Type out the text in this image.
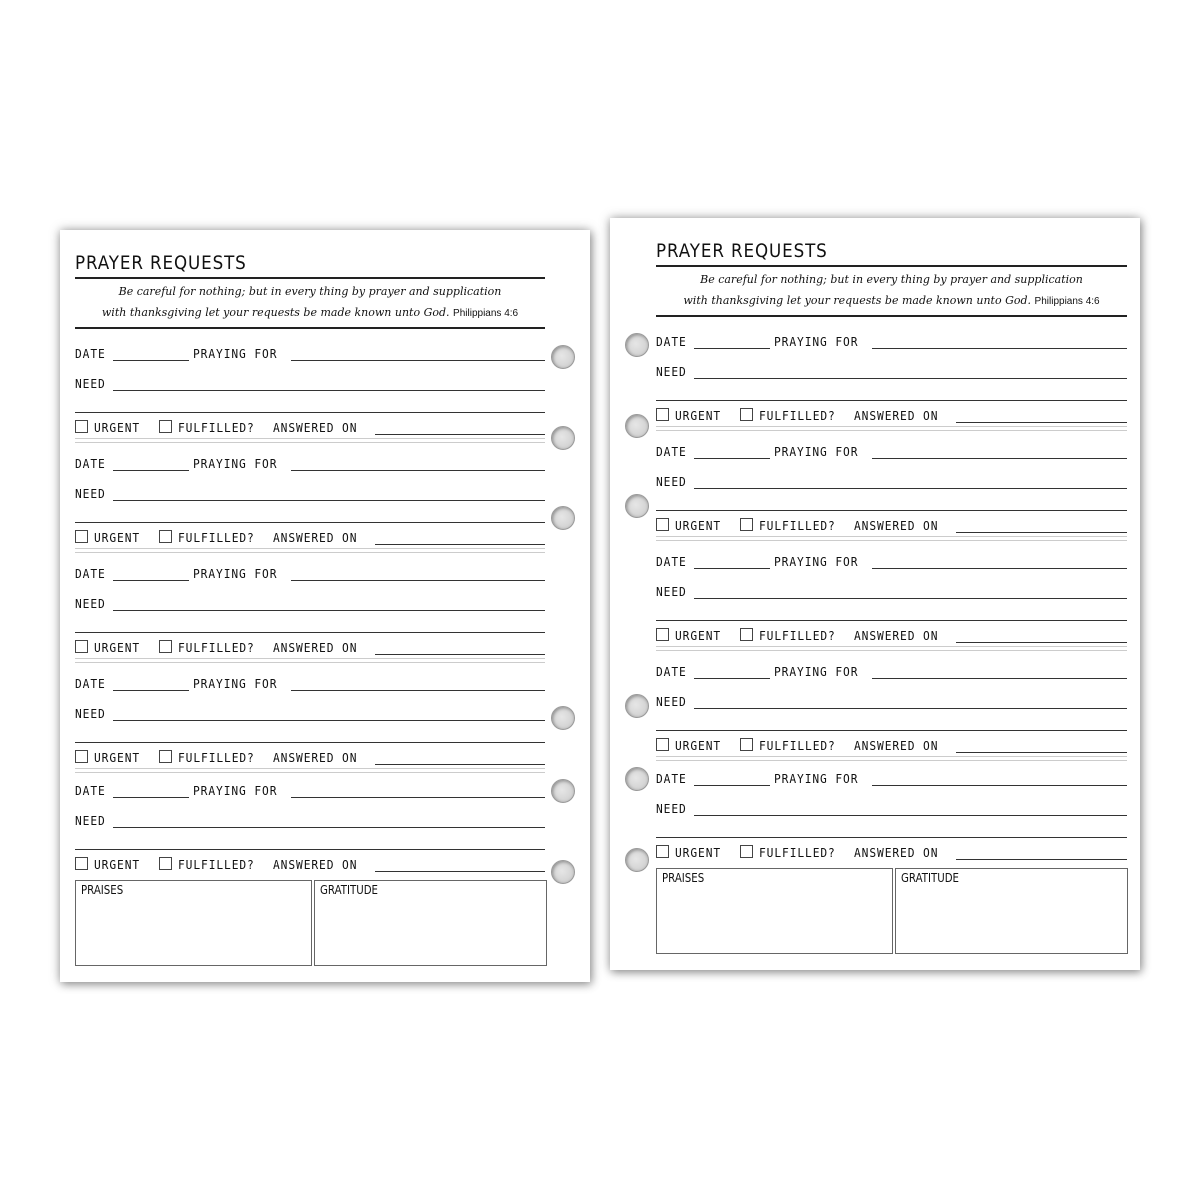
PRAYER REQUESTS
Be careful for nothing; but in every thing by prayer and supplication
with thanksgiving let your requests be made known unto God. Philippians 4:6
DATE	PRAYING FOR
NEED
URGENT	FULFILLED? ANSWERED ON
DATE	PRAYING FOR
NEED
URGENT	FULFILLED? ANSWERED ON
DATE	PRAYING FOR
NEED
URGENT	FULFILLED? ANSWERED ON
DATE	PRAYING FOR
NEED
URGENT	FULFILLED? ANSWERED ON
DATE	PRAYING FOR
NEED
URGENT	FULFILLED? ANSWERED ON
PRAISES	GRATITUDE
PRAYER REQUESTS
Be careful for nothing; but in every thing by prayer and supplication
with thanksgiving let your requests be made known unto God. Philippians 4:6
DATE	PRAYING FOR
NEED
URGENT	FULFILLED? ANSWERED ON
DATE	PRAYING FOR
NEED
URGENT	FULFILLED? ANSWERED ON
DATE	PRAYING FOR
NEED
URGENT	FULFILLED? ANSWERED ON
DATE	PRAYING FOR
NEED
URGENT	FULFILLED? ANSWERED ON
DATE	PRAYING FOR
NEED
URGENT	FULFILLED? ANSWERED ON
PRAISES	GRATITUDE
